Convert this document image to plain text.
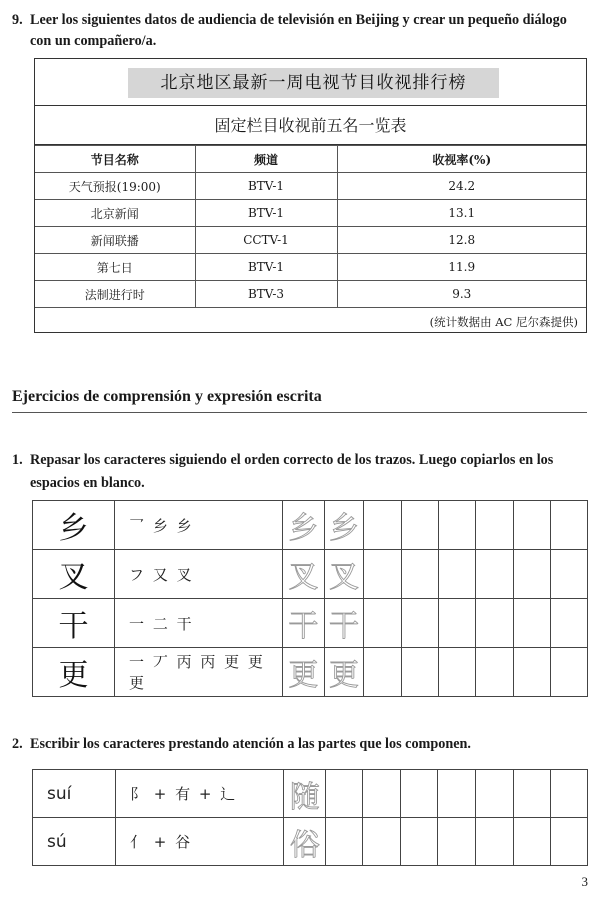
9. Leer los siguientes datos de audiencia de televisión en Beijing y crear un pequeño diálogo con un compañero/a.
北京地区最新一周电视节目收视排行榜
固定栏目收视前五名一览表
节目名称	频道	收视率(%)
天气预报(19:00)	BTV-1	24.2
北京新闻	BTV-1	13.1
新闻联播	CCTV-1	12.8
第七日	BTV-1	11.9
法制进行时	BTV-3	9.3
(统计数据由 AC 尼尔森提供)
Ejercicios de comprensión y expresión escrita
1. Repasar los caracteres siguiendo el orden correcto de los trazos. Luego copiarlos en los espacios en blanco.
乡	乛 乡 乡	乡	乡						
叉	フ 又 叉	叉	叉						
干	一 二 干	干	干						
更	一 丆 丙 丙 更 更 更	更	更						
2. Escribir los caracteres prestando atención a las partes que los componen.
suí	阝 + 有 + 辶	随							
sú	亻 + 谷	俗							
3
